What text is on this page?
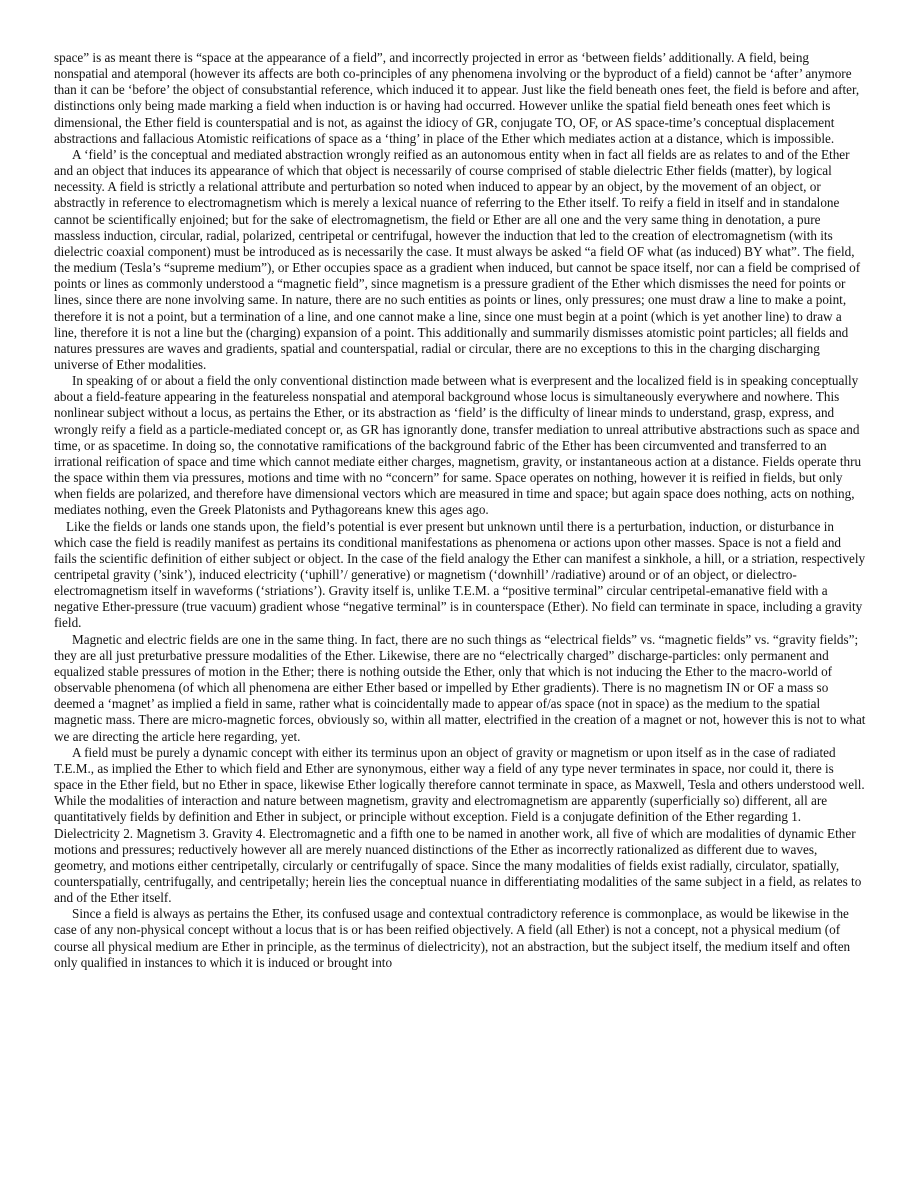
space” is as meant there is “space at the appearance of a field”, and incorrectly projected in error as ‘between fields’ additionally. A field, being nonspatial and atemporal (however its affects are both co-principles of any phenomena involving or the byproduct of a field) cannot be ‘after’ anymore than it can be ‘before’ the object of consubstantial reference, which induced it to appear. Just like the field beneath ones feet, the field is before and after, distinctions only being made marking a field when induction is or having had occurred. However unlike the spatial field beneath ones feet which is dimensional, the Ether field is counterspatial and is not, as against the idiocy of GR, conjugate TO, OF, or AS space-time’s conceptual displacement abstractions and fallacious Atomistic reifications of space as a ‘thing’ in place of the Ether which mediates action at a distance, which is impossible.

A ‘field’ is the conceptual and mediated abstraction wrongly reified as an autonomous entity when in fact all fields are as relates to and of the Ether and an object that induces its appearance of which that object is necessarily of course comprised of stable dielectric Ether fields (matter), by logical necessity. A field is strictly a relational attribute and perturbation so noted when induced to appear by an object, by the movement of an object, or abstractly in reference to electromagnetism which is merely a lexical nuance of referring to the Ether itself. To reify a field in itself and in standalone cannot be scientifically enjoined; but for the sake of electromagnetism, the field or Ether are all one and the very same thing in denotation, a pure massless induction, circular, radial, polarized, centripetal or centrifugal, however the induction that led to the creation of electromagnetism (with its dielectric coaxial component) must be introduced as is necessarily the case. It must always be asked “a field OF what (as induced) BY what”. The field, the medium (Tesla’s “supreme medium”), or Ether occupies space as a gradient when induced, but cannot be space itself, nor can a field be comprised of points or lines as commonly understood a “magnetic field”, since magnetism is a pressure gradient of the Ether which dismisses the need for points or lines, since there are none involving same. In nature, there are no such entities as points or lines, only pressures; one must draw a line to make a point, therefore it is not a point, but a termination of a line, and one cannot make a line, since one must begin at a point (which is yet another line) to draw a line, therefore it is not a line but the (charging) expansion of a point. This additionally and summarily dismisses atomistic point particles; all fields and natures pressures are waves and gradients, spatial and counterspatial, radial or circular, there are no exceptions to this in the charging discharging universe of Ether modalities.

In speaking of or about a field the only conventional distinction made between what is everpresent and the localized field is in speaking conceptually about a field-feature appearing in the featureless nonspatial and atemporal background whose locus is simultaneously everywhere and nowhere. This nonlinear subject without a locus, as pertains the Ether, or its abstraction as ‘field’ is the difficulty of linear minds to understand, grasp, express, and wrongly reify a field as a particle-mediated concept or, as GR has ignorantly done, transfer mediation to unreal attributive abstractions such as space and time, or as spacetime. In doing so, the connotative ramifications of the background fabric of the Ether has been circumvented and transferred to an irrational reification of space and time which cannot mediate either charges, magnetism, gravity, or instantaneous action at a distance. Fields operate thru the space within them via pressures, motions and time with no “concern” for same. Space operates on nothing, however it is reified in fields, but only when fields are polarized, and therefore have dimensional vectors which are measured in time and space; but again space does nothing, acts on nothing, mediates nothing, even the Greek Platonists and Pythagoreans knew this ages ago.

Like the fields or lands one stands upon, the field’s potential is ever present but unknown until there is a perturbation, induction, or disturbance in which case the field is readily manifest as pertains its conditional manifestations as phenomena or actions upon other masses. Space is not a field and fails the scientific definition of either subject or object. In the case of the field analogy the Ether can manifest a sinkhole, a hill, or a striation, respectively centripetal gravity (’sink’), induced electricity (‘uphill’/ generative) or magnetism (‘downhill’ /radiative) around or of an object, or dielectro-electromagnetism itself in waveforms (‘striations’). Gravity itself is, unlike T.E.M. a “positive terminal” circular centripetal-emanative field with a negative Ether-pressure (true vacuum) gradient whose “negative terminal” is in counterspace (Ether). No field can terminate in space, including a gravity field.

Magnetic and electric fields are one in the same thing. In fact, there are no such things as “electrical fields” vs. “magnetic fields” vs. “gravity fields”; they are all just preturbative pressure modalities of the Ether. Likewise, there are no “electrically charged” discharge-particles: only permanent and equalized stable pressures of motion in the Ether; there is nothing outside the Ether, only that which is not inducing the Ether to the macro-world of observable phenomena (of which all phenomena are either Ether based or impelled by Ether gradients). There is no magnetism IN or OF a mass so deemed a ‘magnet’ as implied a field in same, rather what is coincidentally made to appear of/as space (not in space) as the medium to the spatial magnetic mass. There are micro-magnetic forces, obviously so, within all matter, electrified in the creation of a magnet or not, however this is not to what we are directing the article here regarding, yet.

A field must be purely a dynamic concept with either its terminus upon an object of gravity or magnetism or upon itself as in the case of radiated T.E.M., as implied the Ether to which field and Ether are synonymous, either way a field of any type never terminates in space, nor could it, there is space in the Ether field, but no Ether in space, likewise Ether logically therefore cannot terminate in space, as Maxwell, Tesla and others understood well. While the modalities of interaction and nature between magnetism, gravity and electromagnetism are apparently (superficially so) different, all are quantitatively fields by definition and Ether in subject, or principle without exception. Field is a conjugate definition of the Ether regarding 1. Dielectricity 2. Magnetism 3. Gravity 4. Electromagnetic and a fifth one to be named in another work, all five of which are modalities of dynamic Ether motions and pressures; reductively however all are merely nuanced distinctions of the Ether as incorrectly rationalized as different due to waves, geometry, and motions either centripetally, circularly or centrifugally of space. Since the many modalities of fields exist radially, circulator, spatially, counterspatially, centrifugally, and centripetally; herein lies the conceptual nuance in differentiating modalities of the same subject in a field, as relates to and of the Ether itself.

Since a field is always as pertains the Ether, its confused usage and contextual contradictory reference is commonplace, as would be likewise in the case of any non-physical concept without a locus that is or has been reified objectively. A field (all Ether) is not a concept, not a physical medium (of course all physical medium are Ether in principle, as the terminus of dielectricity), not an abstraction, but the subject itself, the medium itself and often only qualified in instances to which it is induced or brought into
